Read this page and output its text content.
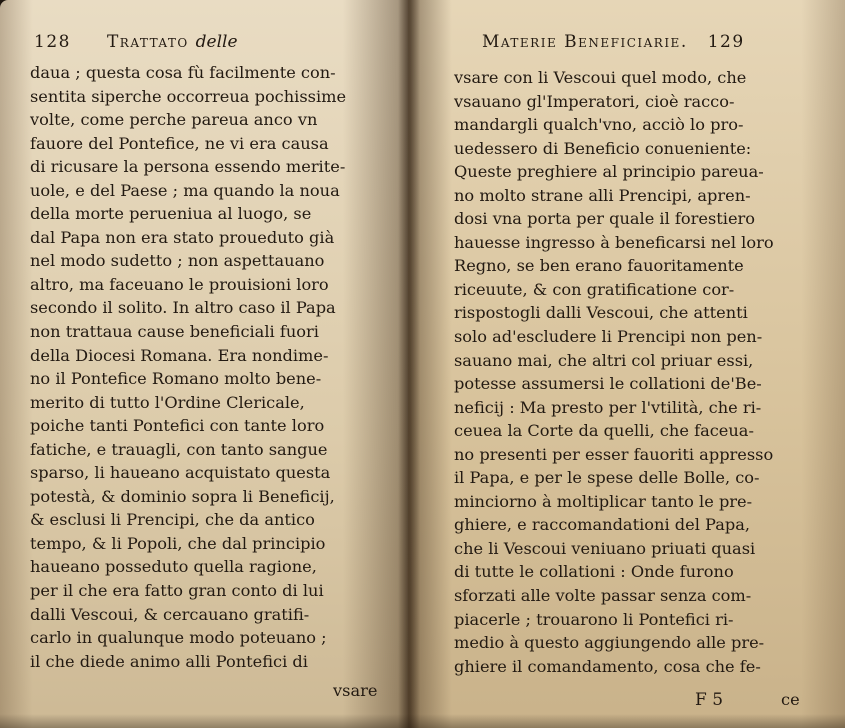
128 Trattato delle
daua ; questa cosa fù facilmente con-
sentita siperche occorreua pochissime
volte, come perche pareua anco vn
fauore del Pontefice, ne vi era causa
di ricusare la persona essendo merite-
uole, e del Paese ; ma quando la noua
della morte perueniua al luogo, se
dal Papa non era stato proueduto già
nel modo sudetto ; non aspettauano
altro, ma faceuano le prouisioni loro
secondo il solito. In altro caso il Papa
non trattaua cause beneficiali fuori
della Diocesi Romana. Era nondime-
no il Pontefice Romano molto bene-
merito di tutto l'Ordine Clericale,
poiche tanti Pontefici con tante loro
fatiche, e trauagli, con tanto sangue
sparso, li haueano acquistato questa
potestà, & dominio sopra li Beneficij,
& esclusi li Prencipi, che da antico
tempo, & li Popoli, che dal principio
haueano posseduto quella ragione,
per il che era fatto gran conto di lui
dalli Vescoui, & cercauano gratifi-
carlo in qualunque modo poteuano ;
il che diede animo alli Pontefici di
vsare
Materie Beneficiarie. 129
vsare con li Vescoui quel modo, che
vsauano gl'Imperatori, cioè racco-
mandargli qualch'vno, acciò lo pro-
uedessero di Beneficio conueniente:
Queste preghiere al principio pareua-
no molto strane alli Prencipi, apren-
dosi vna porta per quale il forestiero
hauesse ingresso à beneficarsi nel loro
Regno, se ben erano fauoritamente
riceuute, & con gratificatione cor-
rispostogli dalli Vescoui, che attenti
solo ad'escludere li Prencipi non pen-
sauano mai, che altri col priuar essi,
potesse assumersi le collationi de'Be-
neficij : Ma presto per l'vtilità, che ri-
ceuea la Corte da quelli, che faceua-
no presenti per esser fauoriti appresso
il Papa, e per le spese delle Bolle, co-
minciorno à moltiplicar tanto le pre-
ghiere, e raccomandationi del Papa,
che li Vescoui veniuano priuati quasi
di tutte le collationi : Onde furono
sforzati alle volte passar senza com-
piacerle ; trouarono li Pontefici ri-
medio à questo aggiungendo alle pre-
ghiere il comandamento, cosa che fe-
F 5	ce
